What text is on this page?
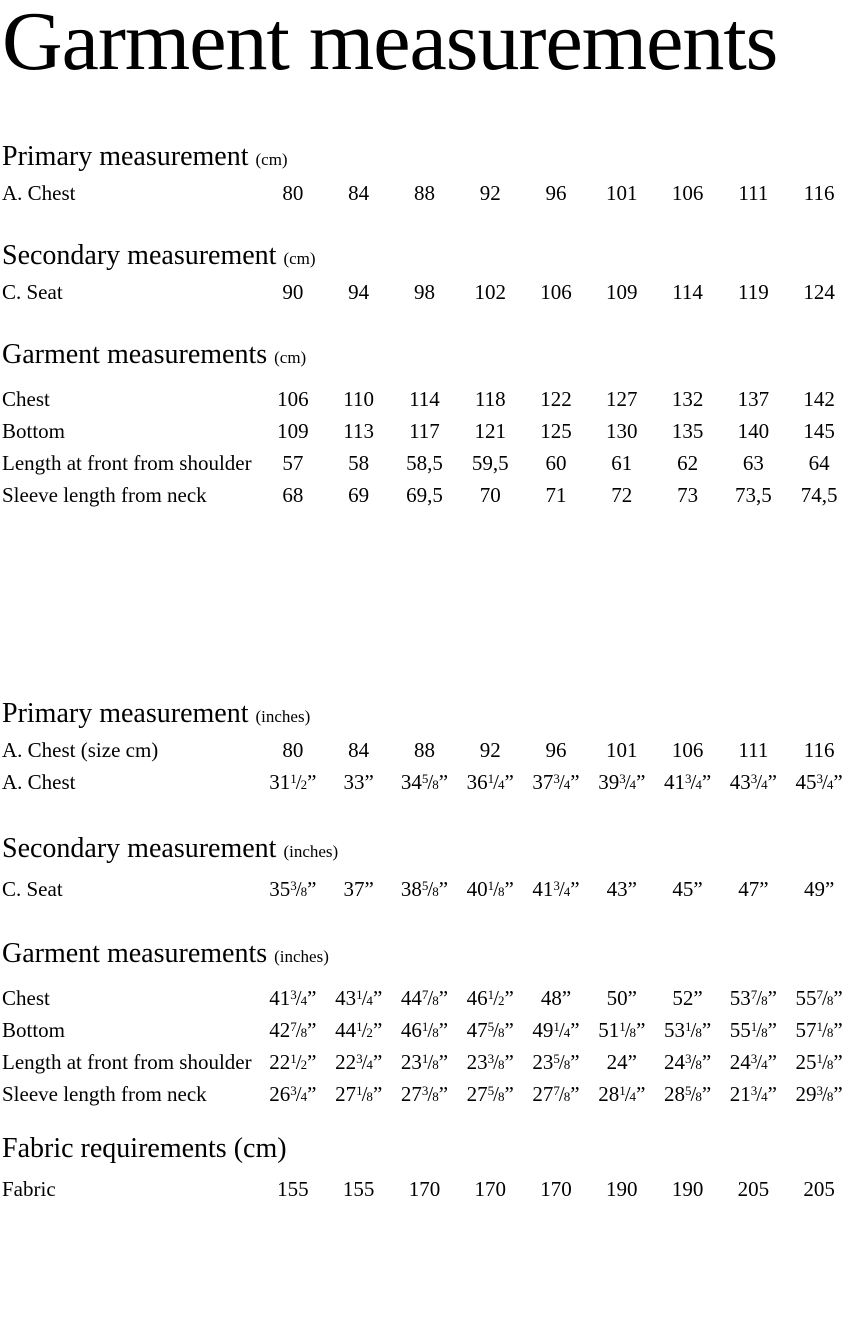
Garment measurements
Primary measurement (cm)
A. Chest	80	84	88	92	96	101	106	111	116
Secondary measurement (cm)
C. Seat	90	94	98	102	106	109	114	119	124
Garment measurements (cm)
Chest	106	110	114	118	122	127	132	137	142
Bottom	109	113	117	121	125	130	135	140	145
Length at front from shoulder	57	58	58,5	59,5	60	61	62	63	64
Sleeve length from neck	68	69	69,5	70	71	72	73	73,5	74,5
Primary measurement (inches)
A. Chest (size cm)	80	84	88	92	96	101	106	111	116
A. Chest	$31^1/_2$”	33”	$34^5/_8$” $36^1/_4$” $37^3/_4$” $39^3/_4$” $41^3/_4$” $43^3/_4$” $45^3/_4$”
Secondary measurement (inches)
C. Seat	$35^3/_8$”	37”	$38^5/_8$” $40^1/_8$” $41^3/_4$”	43”	45”	47”	49”
Garment measurements (inches)
Chest	$41^3/_4$” $43^1/_4$” $44^7/_8$” $46^1/_2$”	48”	50”	52”	$53^7/_8$” $55^7/_8$”
Bottom	$42^7/_8$” $44^1/_2$” $46^1/_8$” $47^5/_8$” $49^1/_4$” $51^1/_8$” $53^1/_8$” $55^1/_8$” $57^1/_8$”
Length at front from shoulder $22^1/_2$” $22^3/_4$” $23^1/_8$” $23^3/_8$” $23^5/_8$”	24”	$24^3/_8$” $24^3/_4$” $25^1/_8$”
Sleeve length from neck	$26^3/_4$” $27^1/_8$” $27^3/_8$” $27^5/_8$” $27^7/_8$” $28^1/_4$” $28^5/_8$” $21^3/_4$” $29^3/_8$”
Fabric requirements (cm)
Fabric	155	155	170	170	170	190	190	205	205
